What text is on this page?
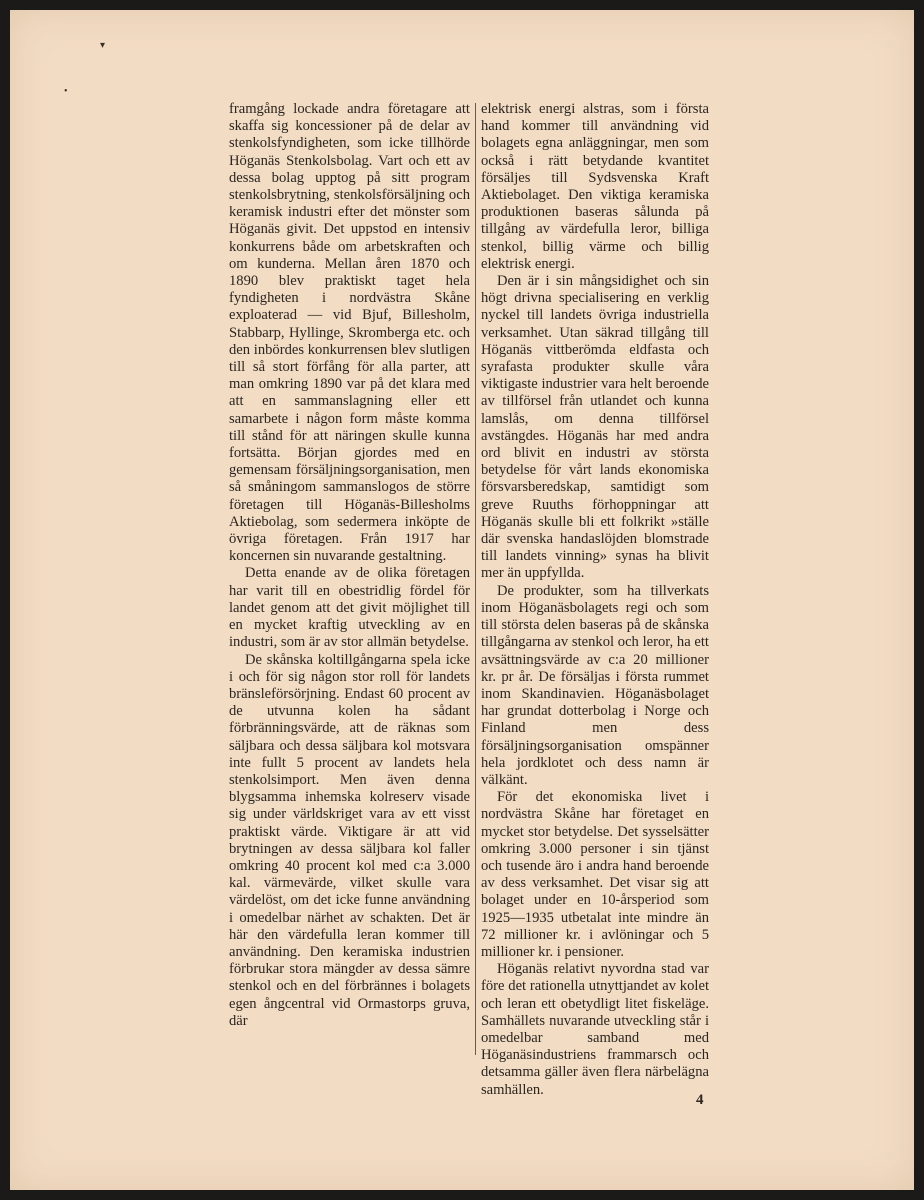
▾
•

framgång lockade andra företagare att skaffa sig koncessioner på de delar av stenkolsfyndigheten, som icke tillhörde Höganäs Stenkolsbolag. Vart och ett av dessa bolag upptog på sitt program stenkolsbrytning, stenkolsförsäljning och keramisk industri efter det mönster som Höganäs givit. Det uppstod en intensiv konkurrens både om arbetskraften och om kunderna. Mellan åren 1870 och 1890 blev praktiskt taget hela fyndigheten i nordvästra Skåne exploaterad — vid Bjuf, Billesholm, Stabbarp, Hyllinge, Skromberga etc. och den inbördes konkurrensen blev slutligen till så stort förfång för alla parter, att man omkring 1890 var på det klara med att en sammanslagning eller ett samarbete i någon form måste komma till stånd för att näringen skulle kunna fortsätta. Början gjordes med en gemensam försäljningsorganisation, men så småningom sammanslogos de större företagen till Höganäs-Billesholms Aktiebolag, som sedermera inköpte de övriga företagen. Från 1917 har koncernen sin nuvarande gestaltning.

Detta enande av de olika företagen har varit till en obestridlig fördel för landet genom att det givit möjlighet till en mycket kraftig utveckling av en industri, som är av stor allmän betydelse.

De skånska koltillgångarna spela icke i och för sig någon stor roll för landets bränsleförsörjning. Endast 60 procent av de utvunna kolen ha sådant förbränningsvärde, att de räknas som säljbara och dessa säljbara kol motsvara inte fullt 5 procent av landets hela stenkolsimport. Men även denna blygsamma inhemska kolreserv visade sig under världskriget vara av ett visst praktiskt värde. Viktigare är att vid brytningen av dessa säljbara kol faller omkring 40 procent kol med c:a 3.000 kal. värmevärde, vilket skulle vara värdelöst, om det icke funne användning i omedelbar närhet av schakten. Det är här den värdefulla leran kommer till användning. Den keramiska industrien förbrukar stora mängder av dessa sämre stenkol och en del förbrännes i bolagets egen ångcentral vid Ormastorps gruva, där

elektrisk energi alstras, som i första hand kommer till användning vid bolagets egna anläggningar, men som också i rätt betydande kvantitet försäljes till Sydsvenska Kraft Aktiebolaget. Den viktiga keramiska produktionen baseras sålunda på tillgång av värdefulla leror, billiga stenkol, billig värme och billig elektrisk energi.

Den är i sin mångsidighet och sin högt drivna specialisering en verklig nyckel till landets övriga industriella verksamhet. Utan säkrad tillgång till Höganäs vittberömda eldfasta och syrafasta produkter skulle våra viktigaste industrier vara helt beroende av tillförsel från utlandet och kunna lamslås, om denna tillförsel avstängdes. Höganäs har med andra ord blivit en industri av största betydelse för vårt lands ekonomiska försvarsberedskap, samtidigt som greve Ruuths förhoppningar att Höganäs skulle bli ett folkrikt »ställe där svenska handaslöjden blomstrade till landets vinning» synas ha blivit mer än uppfyllda.

De produkter, som ha tillverkats inom Höganäsbolagets regi och som till största delen baseras på de skånska tillgångarna av stenkol och leror, ha ett avsättningsvärde av c:a 20 millioner kr. pr år. De försäljas i första rummet inom Skandinavien. Höganäsbolaget har grundat dotterbolag i Norge och Finland men dess försäljningsorganisation omspänner hela jordklotet och dess namn är välkänt.

För det ekonomiska livet i nordvästra Skåne har företaget en mycket stor betydelse. Det sysselsätter omkring 3.000 personer i sin tjänst och tusende äro i andra hand beroende av dess verksamhet. Det visar sig att bolaget under en 10-årsperiod som 1925—1935 utbetalat inte mindre än 72 millioner kr. i avlöningar och 5 millioner kr. i pensioner.

Höganäs relativt nyvordna stad var före det rationella utnyttjandet av kolet och leran ett obetydligt litet fiskeläge. Samhällets nuvarande utveckling står i omedelbar samband med Höganäsindustriens frammarsch och detsamma gäller även flera närbelägna samhällen.

4
